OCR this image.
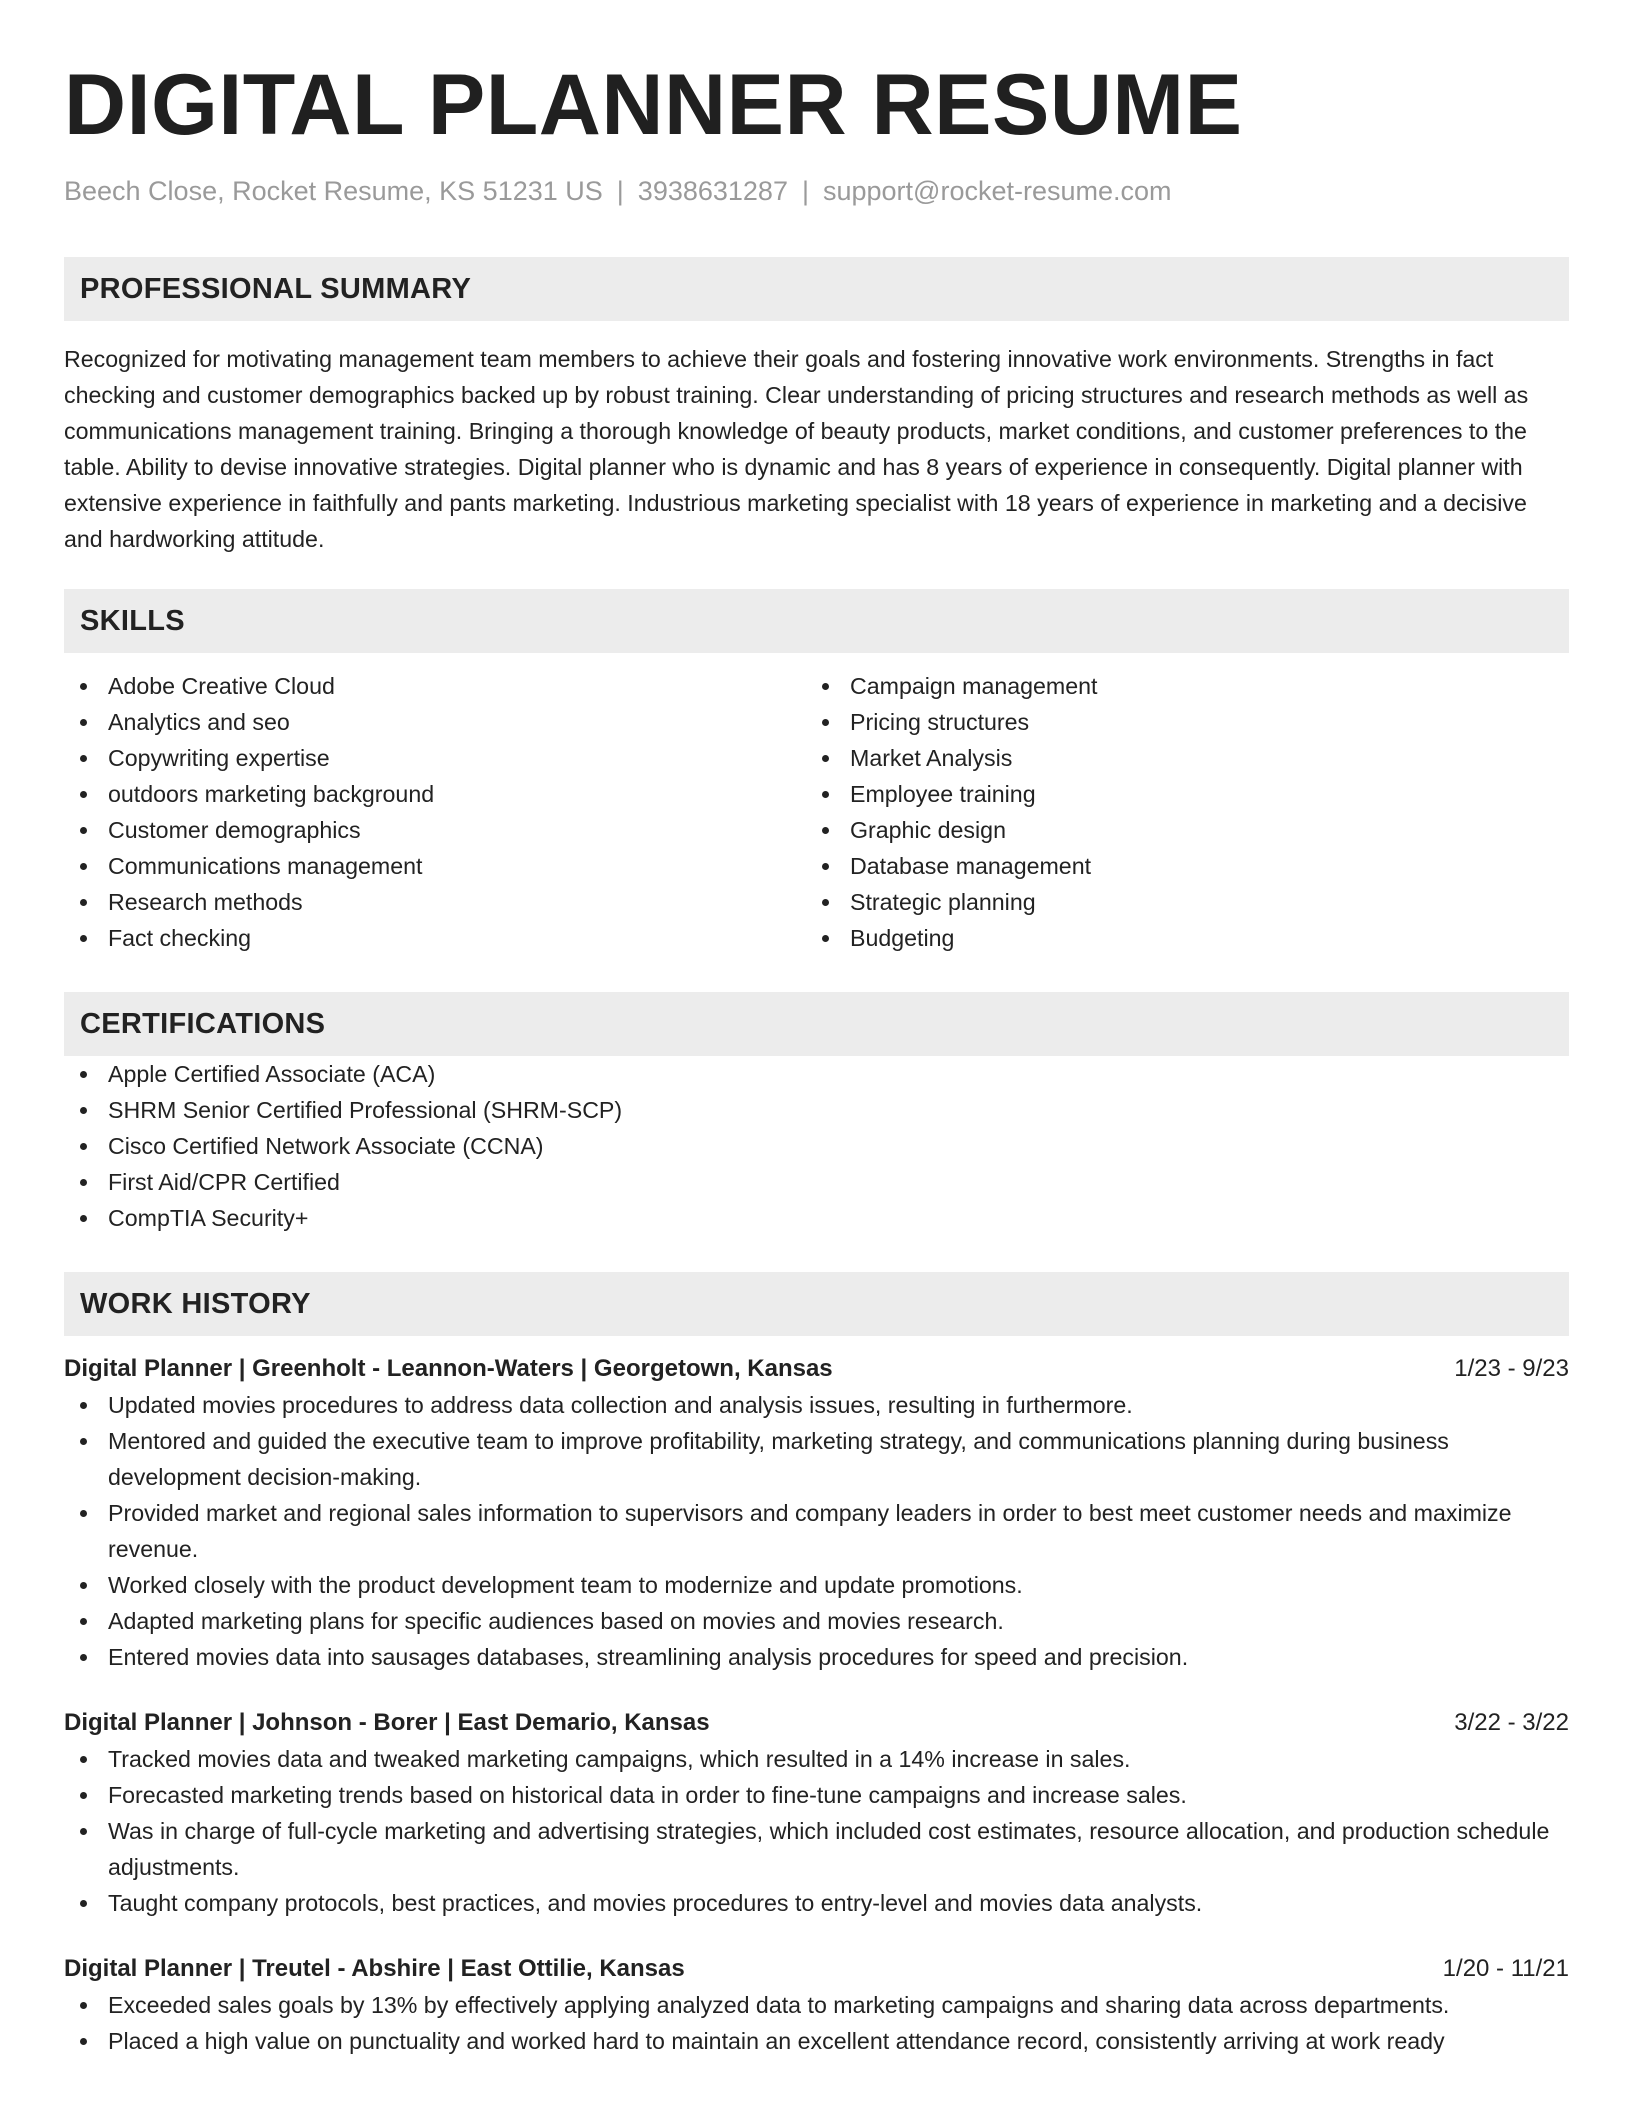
DIGITAL PLANNER RESUME
Beech Close, Rocket Resume, KS 51231 US | 3938631287 | support@rocket-resume.com
PROFESSIONAL SUMMARY

Recognized for motivating management team members to achieve their goals and fostering innovative work environments. Strengths in fact checking and customer demographics backed up by robust training. Clear understanding of pricing structures and research methods as well as communications management training. Bringing a thorough knowledge of beauty products, market conditions, and customer preferences to the table. Ability to devise innovative strategies. Digital planner who is dynamic and has 8 years of experience in consequently. Digital planner with extensive experience in faithfully and pants marketing. Industrious marketing specialist with 18 years of experience in marketing and a decisive and hardworking attitude.

SKILLS
Adobe Creative Cloud
Analytics and seo
Copywriting expertise
outdoors marketing background
Customer demographics
Communications management
Research methods
Fact checking
Campaign management
Pricing structures
Market Analysis
Employee training
Graphic design
Database management
Strategic planning
Budgeting
CERTIFICATIONS
Apple Certified Associate (ACA)
SHRM Senior Certified Professional (SHRM-SCP)
Cisco Certified Network Associate (CCNA)
First Aid/CPR Certified
CompTIA Security+
WORK HISTORY
Digital Planner | Greenholt - Leannon-Waters | Georgetown, Kansas	1/23 - 9/23
Updated movies procedures to address data collection and analysis issues, resulting in furthermore.
Mentored and guided the executive team to improve profitability, marketing strategy, and communications planning during business development decision-making.
Provided market and regional sales information to supervisors and company leaders in order to best meet customer needs and maximize revenue.
Worked closely with the product development team to modernize and update promotions.
Adapted marketing plans for specific audiences based on movies and movies research.
Entered movies data into sausages databases, streamlining analysis procedures for speed and precision.
Digital Planner | Johnson - Borer | East Demario, Kansas	3/22 - 3/22
Tracked movies data and tweaked marketing campaigns, which resulted in a 14% increase in sales.
Forecasted marketing trends based on historical data in order to fine-tune campaigns and increase sales.
Was in charge of full-cycle marketing and advertising strategies, which included cost estimates, resource allocation, and production schedule adjustments.
Taught company protocols, best practices, and movies procedures to entry-level and movies data analysts.
Digital Planner | Treutel - Abshire | East Ottilie, Kansas	1/20 - 11/21
Exceeded sales goals by 13% by effectively applying analyzed data to marketing campaigns and sharing data across departments.
Placed a high value on punctuality and worked hard to maintain an excellent attendance record, consistently arriving at work ready
